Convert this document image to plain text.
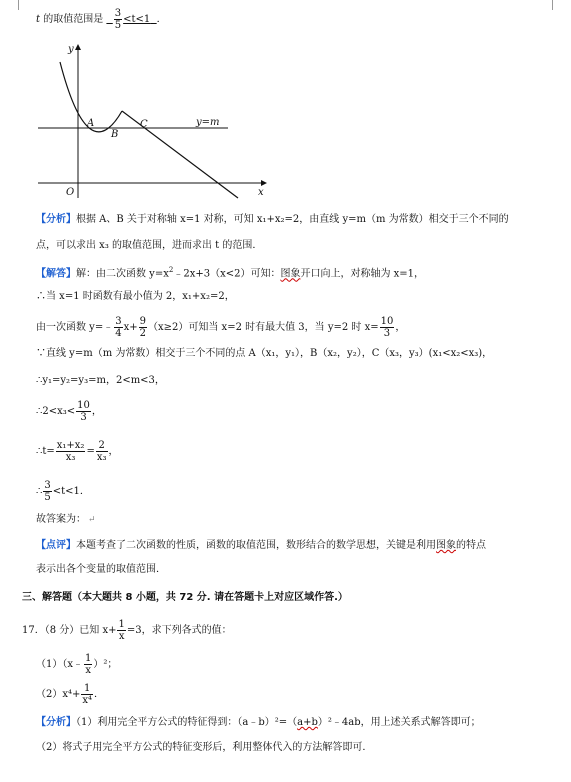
t 的取值范围是 $\frac{3}{5} <t<1$ ．
y
x
O
A
B
C	y=m
【分析】根据 A、B 关于对称轴 x=1 对称，可知 x₁+x₂=2，由直线 y=m（m 为常数）相交于三个不同的
点，可以求出 x₃ 的取值范围，进而求出 t 的范围．
【解答】解：由二次函数 $y=x^2﹣2x+3(x<2)$可知：图象开口向上，对称轴为 x=1，
∴当 x=1 时函数有最小值为 2，x₁+x₂=2，
由一次函数 y=﹣ $\frac{3}{4} x+ \frac{9}{2} (x\ge 2)$可知当 x=2 时有最大值 3，当 y=2 时 $x= \frac{10}{3}$ ，
∵直线 y=m（m 为常数）相交于三个不同的点 A（x₁，y₁），B（x₂，y₂），C（x₃，y₃）(x₁<x₂<x₃)，
∴y₁=y₂=y₃=m，2<m<3，
∴2<x₃< $\frac{10}{3}$ ，
∴t= $\frac{\text{x₁+x₂}}{\text{x₃}} = \frac{2}{\text{x₃}}$ ，
∴ $\frac{3}{5} <t<1$．
故答案为： ↵
【点评】本题考查了二次函数的性质，函数的取值范围，数形结合的数学思想，关键是利用图象的特点
表示出各个变量的取值范围．
三、解答题（本大题共 8 小题，共 72 分. 请在答题卡上对应区域作答.）
17．（8 分）已知 $x+ \frac{1}{x} =3$，求下列各式的值：
（1）（x﹣ $\frac{1}{x} )^2$；
$(2)x^4+ \frac{1}{\text{x⁴}}$ ．
【分析】（1）利用完全平方公式的特征得到：（a﹣b）²=（a+b）²﹣4ab，用上述关系式解答即可；
（2）将式子用完全平方公式的特征变形后，利用整体代入的方法解答即可．
